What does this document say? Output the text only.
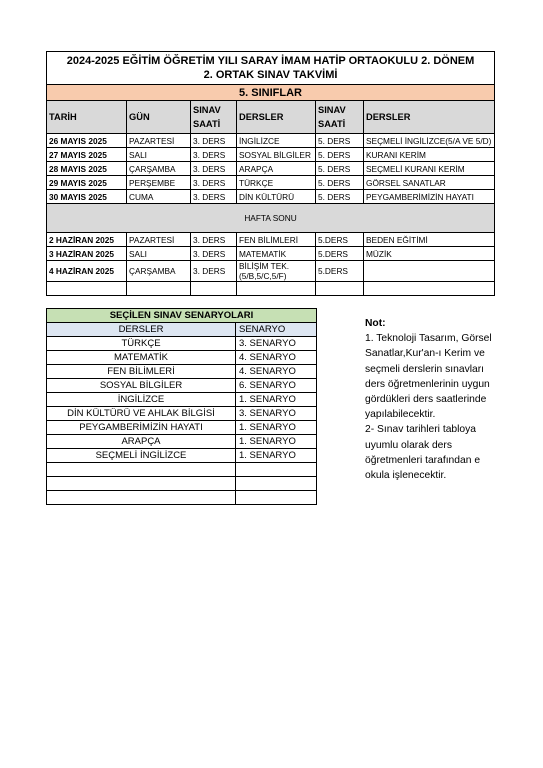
2024-2025 EĞİTİM ÖĞRETİM YILI SARAY İMAM HATİP ORTAOKULU 2. DÖNEM
2. ORTAK SINAV TAKVİMİ					

5. SINIFLAR					
TARİH	GÜN	SINAV SAATİ	DERSLER	SINAV SAATİ	DERSLER
26 MAYIS 2025	PAZARTESİ	3. DERS	İNGİLİZCE	5. DERS	SEÇMELİ İNGİLİZCE(5/A VE 5/D)
27 MAYIS 2025	SALI	3. DERS	SOSYAL BİLGİLER	5. DERS	KURANI KERİM
28 MAYIS 2025	ÇARŞAMBA	3. DERS	ARAPÇA	5. DERS	SEÇMELİ KURANI KERİM
29 MAYIS 2025	PERŞEMBE	3. DERS	TÜRKÇE	5. DERS	GÖRSEL SANATLAR
30 MAYIS 2025	CUMA	3. DERS	DİN KÜLTÜRÜ	5. DERS	PEYGAMBERİMİZİN HAYATI
HAFTA SONU					
2 HAZİRAN 2025	PAZARTESİ	3. DERS	FEN BİLİMLERİ	5.DERS	BEDEN EĞİTİMİ
3 HAZİRAN 2025	SALI	3. DERS	MATEMATİK	5.DERS	MÜZİK
4 HAZİRAN 2025	ÇARŞAMBA	3. DERS	BİLİŞİM TEK. (5/B,5/C,5/F)	5.DERS	

SEÇİLEN SINAV SENARYOLARI	
DERSLER	SENARYO
TÜRKÇE	3. SENARYO
MATEMATİK	4. SENARYO
FEN BİLİMLERİ	4. SENARYO
SOSYAL BİLGİLER	6. SENARYO
İNGİLİZCE	1. SENARYO
DİN KÜLTÜRÜ VE AHLAK BİLGİSİ	3. SENARYO
PEYGAMBERİMİZİN HAYATI	1. SENARYO
ARAPÇA	1. SENARYO
SEÇMELİ İNGİLİZCE	1. SENARYO

Not:

1. Teknoloji Tasarım, Görsel Sanatlar,Kur'an-ı Kerim ve seçmeli derslerin sınavları ders öğretmenlerinin uygun gördükleri ders saatlerinde yapılabilecektir.

2- Sınav tarihleri tabloya uyumlu olarak ders öğretmenleri tarafından e okula işlenecektir.
